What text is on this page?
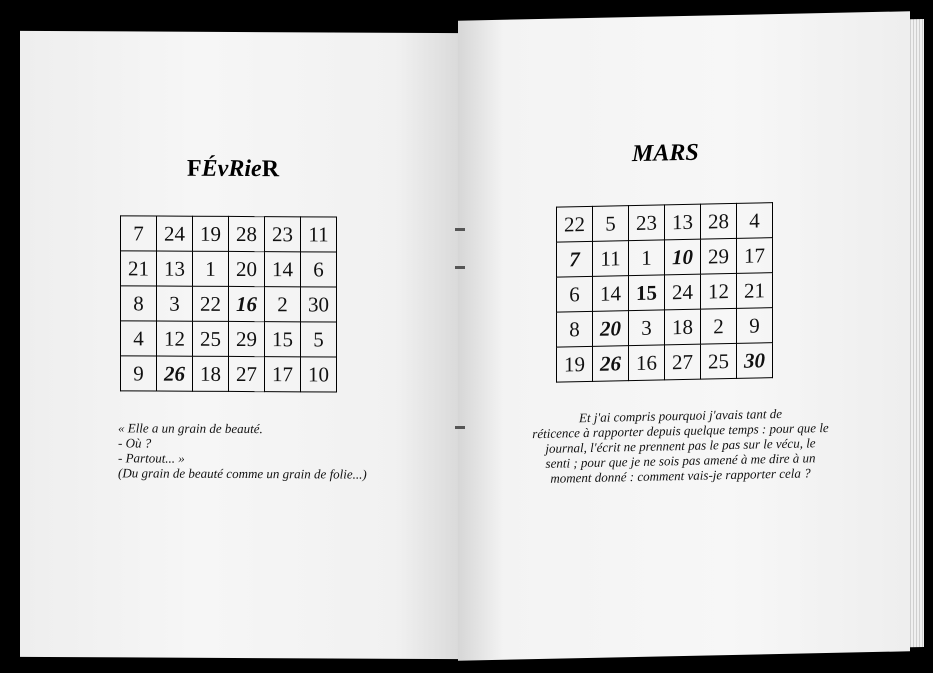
FÉvRieR
7	24	19	28	23	11
21	13	1	20	14	6
8	3	22	16	2	30
4	12	25	29	15	5
9	26	18	27	17	10
« Elle a un grain de beauté.
- Où ?
- Partout... »
(Du grain de beauté comme un grain de folie...)
MARS
22	5	23	13	28	4
7	11	1	10	29	17
6	14	15	24	12	21
8	20	3	18	2	9
19	26	16	27	25	30
Et j'ai compris pourquoi j'avais tant de
réticence à rapporter depuis quelque temps : pour que le
journal, l'écrit ne prennent pas le pas sur le vécu, le
senti ; pour que je ne sois pas amené à me dire à un
moment donné : comment vais-je rapporter cela ?
